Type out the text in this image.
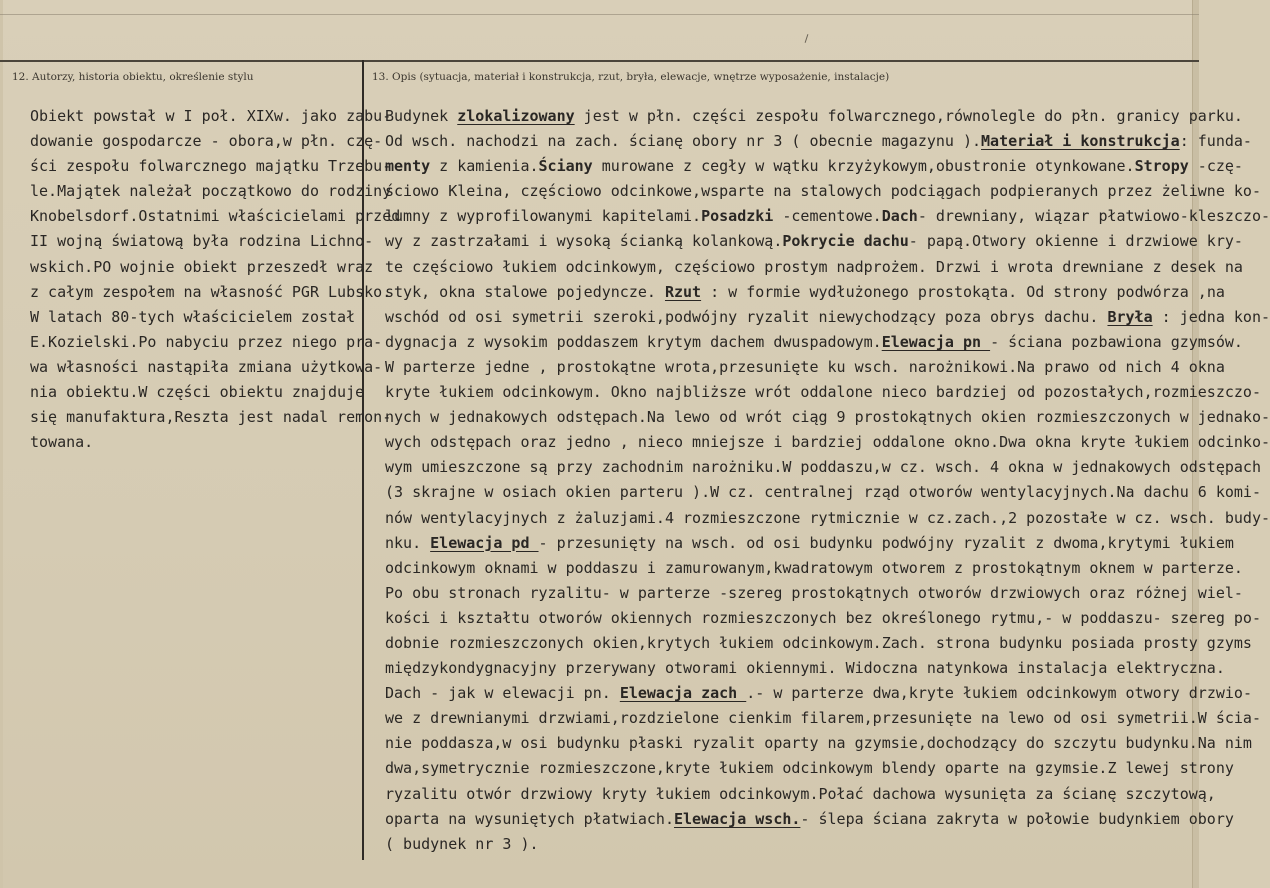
12. Autorzy, historia obiektu, określenie stylu	13. Opis (sytuacja, materiał i konstrukcja, rzut, bryła, elewacje, wnętrze wyposażenie, instalacje)
Obiekt powstał w I poł. XIXw. jako zabu-
dowanie gospodarcze - obora,w płn. czę-
ści zespołu folwarcznego majątku Trzebu-
le.Majątek należał początkowo do rodziny
Knobelsdorf.Ostatnimi właścicielami przed
II wojną światową była rodzina Lichno-
wskich.PO wojnie obiekt przeszedł wraz
z całym zespołem na własność PGR Lubsko.
W latach 80-tych właścicielem został
E.Kozielski.Po nabyciu przez niego pra-
wa własności nastąpiła zmiana użytkowa-
nia obiektu.W części obiektu znajduje
się manufaktura,Reszta jest nadal remon-
towana.
Budynek zlokalizowany jest w płn. części zespołu folwarcznego,równolegle do płn. granicy parku.
Od wsch. nachodzi na zach. ścianę obory nr 3 ( obecnie magazynu ).Materiał i konstrukcja: funda-
menty z kamienia.Ściany murowane z cegły w wątku krzyżykowym,obustronie otynkowane.Stropy -czę-
ściowo Kleina, częściowo odcinkowe,wsparte na stalowych podciągach podpieranych przez żeliwne ko-
lumny z wyprofilowanymi kapitelami.Posadzki -cementowe.Dach- drewniany, wiązar płatwiowo-kleszczo-
wy z zastrzałami i wysoką ścianką kolankową.Pokrycie dachu- papą.Otwory okienne i drzwiowe kry-
te częściowo łukiem odcinkowym, częściowo prostym nadprożem. Drzwi i wrota drewniane z desek na
styk, okna stalowe pojedyncze. Rzut : w formie wydłużonego prostokąta. Od strony podwórza ,na
wschód od osi symetrii szeroki,podwójny ryzalit niewychodzący poza obrys dachu. Bryła : jedna kon-
dygnacja z wysokim poddaszem krytym dachem dwuspadowym.Elewacja pn - ściana pozbawiona gzymsów.
W parterze jedne , prostokątne wrota,przesunięte ku wsch. narożnikowi.Na prawo od nich 4 okna
kryte łukiem odcinkowym. Okno najbliższe wrót oddalone nieco bardziej od pozostałych,rozmieszczo-
nych w jednakowych odstępach.Na lewo od wrót ciąg 9 prostokątnych okien rozmieszczonych w jednako-
wych odstępach oraz jedno , nieco mniejsze i bardziej oddalone okno.Dwa okna kryte łukiem odcinko-
wym umieszczone są przy zachodnim narożniku.W poddaszu,w cz. wsch. 4 okna w jednakowych odstępach
(3 skrajne w osiach okien parteru ).W cz. centralnej rząd otworów wentylacyjnych.Na dachu 6 komi-
nów wentylacyjnych z żaluzjami.4 rozmieszczone rytmicznie w cz.zach.,2 pozostałe w cz. wsch. budy-
nku. Elewacja pd - przesunięty na wsch. od osi budynku podwójny ryzalit z dwoma,krytymi łukiem
odcinkowym oknami w poddaszu i zamurowanym,kwadratowym otworem z prostokątnym oknem w parterze.
Po obu stronach ryzalitu- w parterze -szereg prostokątnych otworów drzwiowych oraz różnej wiel-
kości i kształtu otworów okiennych rozmieszczonych bez określonego rytmu,- w poddaszu- szereg po-
dobnie rozmieszczonych okien,krytych łukiem odcinkowym.Zach. strona budynku posiada prosty gzyms
międzykondygnacyjny przerywany otworami okiennymi. Widoczna natynkowa instalacja elektryczna.
Dach - jak w elewacji pn. Elewacja zach .- w parterze dwa,kryte łukiem odcinkowym otwory drzwio-
we z drewnianymi drzwiami,rozdzielone cienkim filarem,przesunięte na lewo od osi symetrii.W ścia-
nie poddasza,w osi budynku płaski ryzalit oparty na gzymsie,dochodzący do szczytu budynku.Na nim
dwa,symetrycznie rozmieszczone,kryte łukiem odcinkowym blendy oparte na gzymsie.Z lewej strony
ryzalitu otwór drzwiowy kryty łukiem odcinkowym.Połać dachowa wysunięta za ścianę szczytową,
oparta na wysuniętych płatwiach.Elewacja wsch.- ślepa ściana zakryta w połowie budynkiem obory
( budynek nr 3 ).
